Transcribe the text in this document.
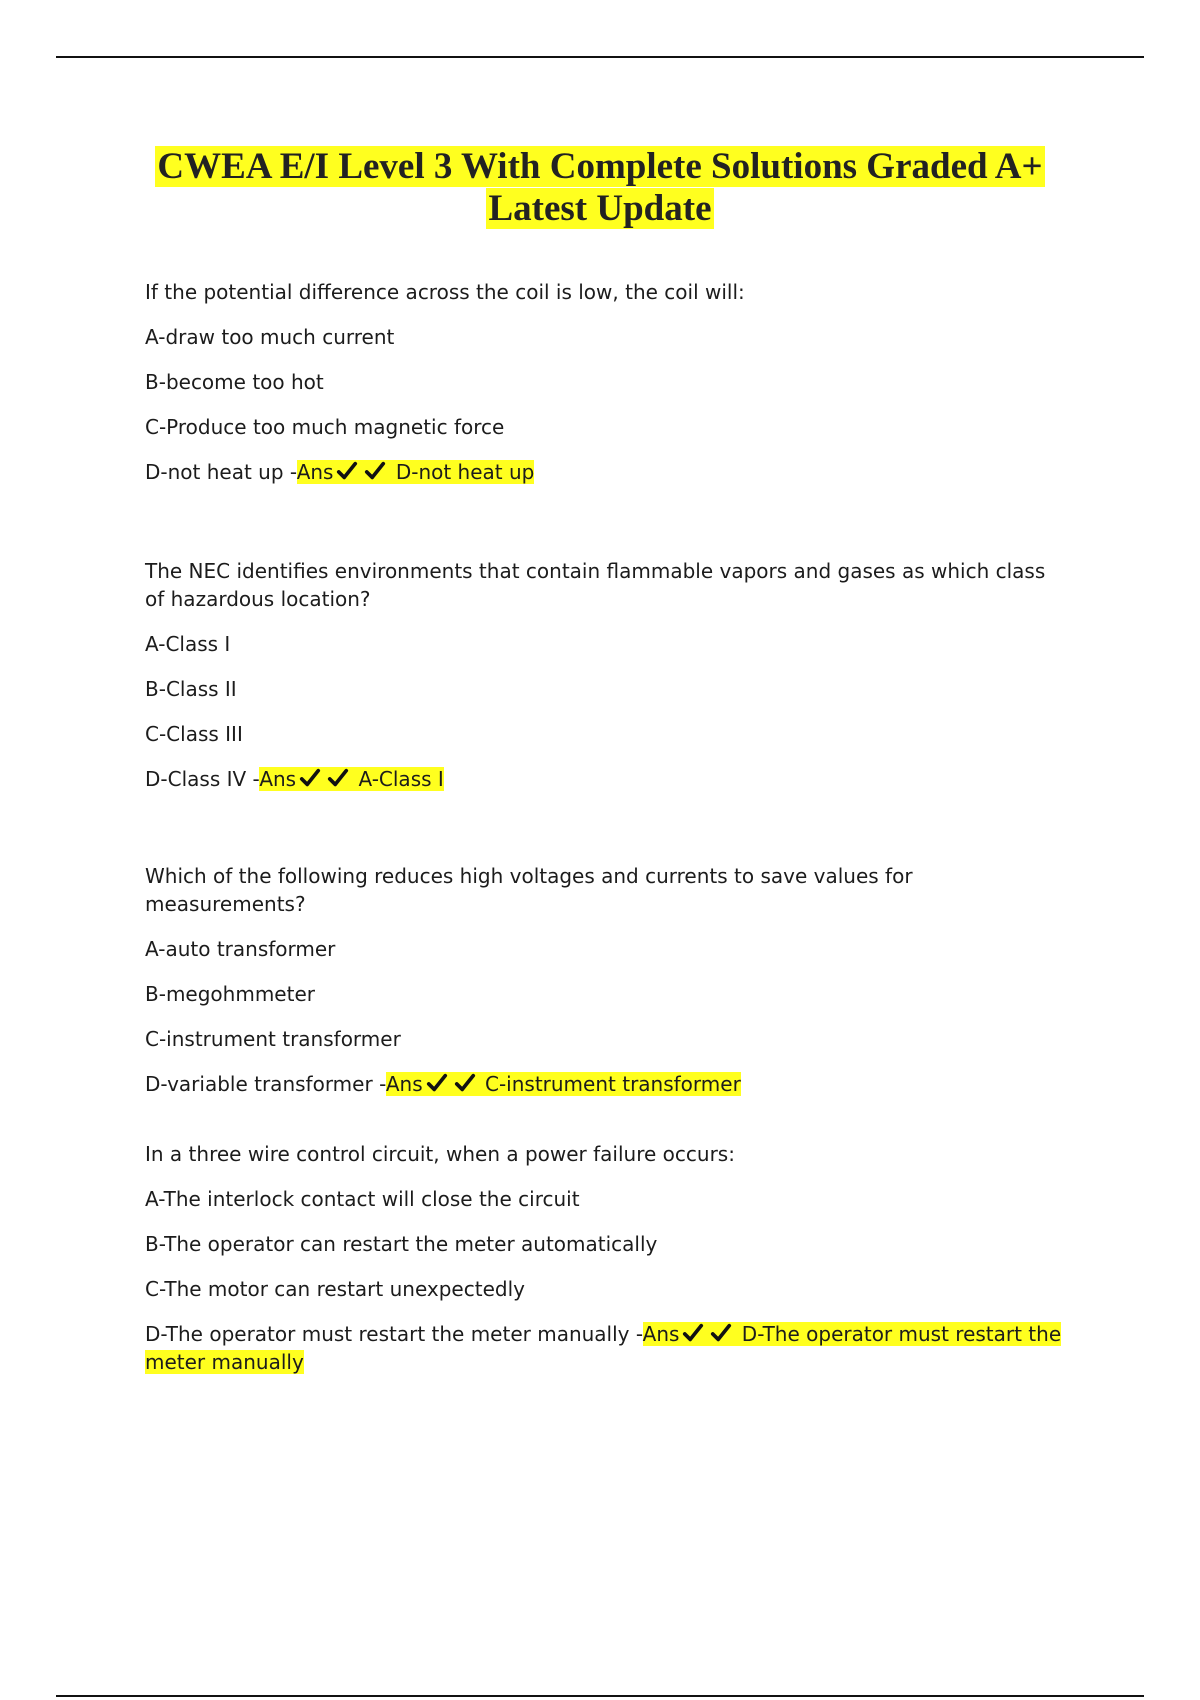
CWEA E/I Level 3 With Complete Solutions Graded A+
Latest Update

If the potential difference across the coil is low, the coil will:

A-draw too much current

B-become too hot

C-Produce too much magnetic force

D-not heat up -Ans	D-not heat up

The NEC identifies environments that contain flammable vapors and gases as which class of hazardous location?

A-Class I

B-Class II

C-Class III

D-Class IV -Ans	A-Class I

Which of the following reduces high voltages and currents to save values for measurements?

A-auto transformer

B-megohmmeter

C-instrument transformer

D-variable transformer -Ans	C-instrument transformer

In a three wire control circuit, when a power failure occurs:

A-The interlock contact will close the circuit

B-The operator can restart the meter automatically

C-The motor can restart unexpectedly

D-The operator must restart the meter manually -Ans	D-The operator must restart the meter manually
